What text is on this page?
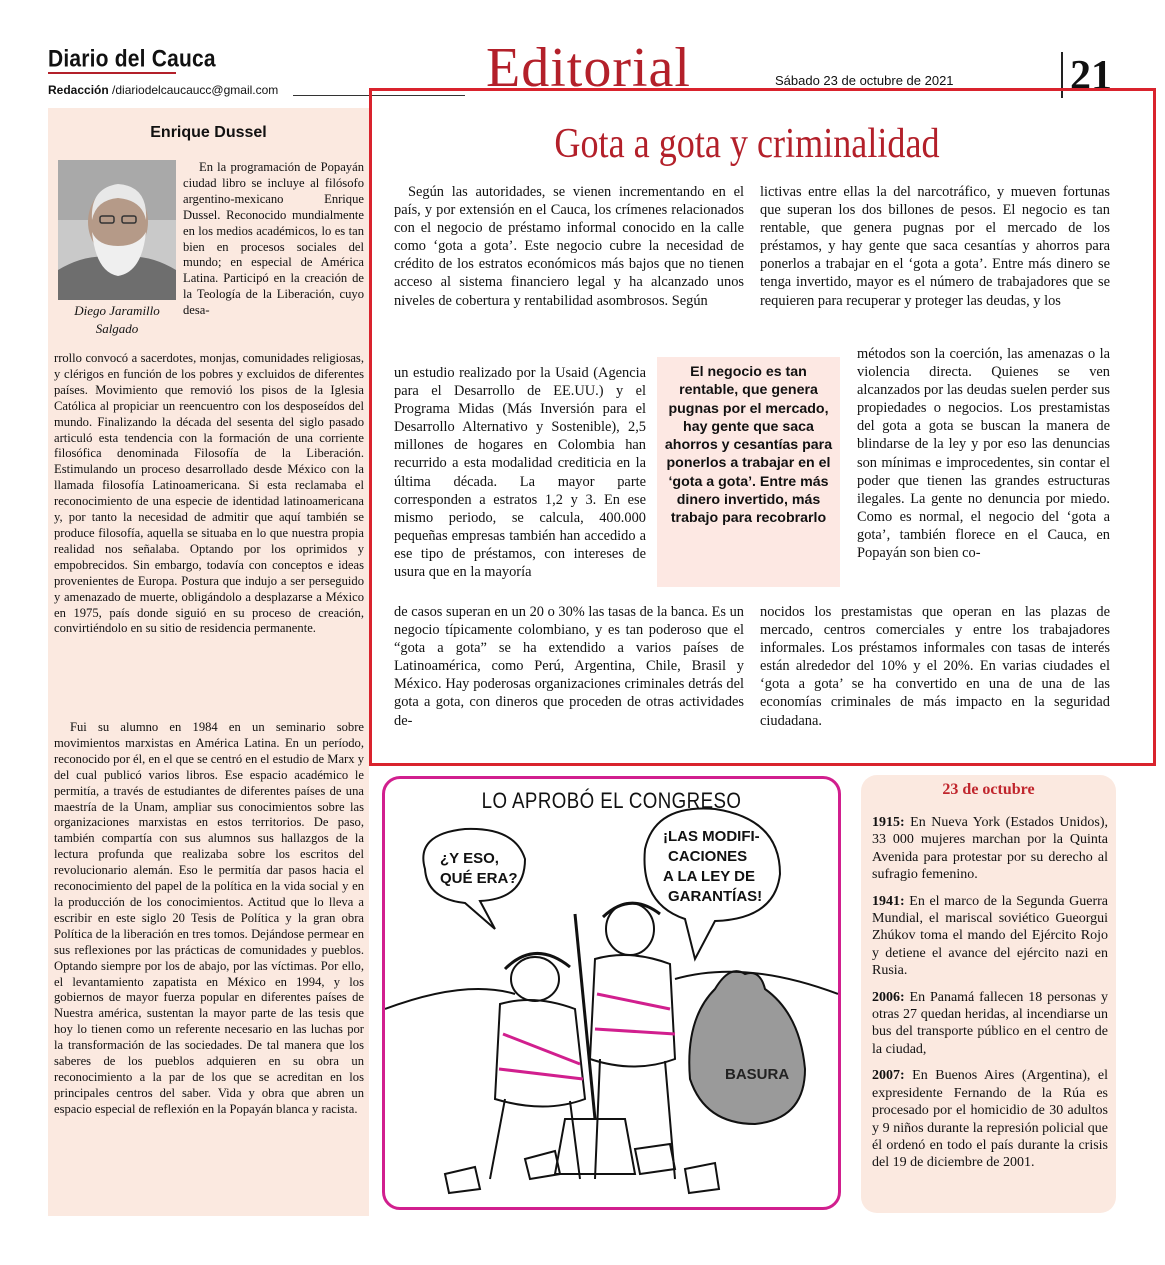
Diario del Cauca
Redacción /diariodelcaucaucc@gmail.com	Editorial	Sábado 23 de octubre de 2021	21
Enrique Dussel
Diego Jaramillo
Salgado

En la programación de Popayán ciudad libro se incluye al filósofo argentino-mexicano Enrique Dussel. Reconocido mundialmente en los medios académicos, lo es tan bien en procesos sociales del mundo; en especial de América Latina. Participó en la creación de la Teología de la Liberación, cuyo desa-

rrollo convocó a sacerdotes, monjas, comunidades religiosas, y clérigos en función de los pobres y excluidos de diferentes países. Movimiento que removió los pisos de la Iglesia Católica al propiciar un reencuentro con los desposeídos del mundo. Finalizando la década del sesenta del siglo pasado articuló esta tendencia con la formación de una corriente filosófica denominada Filosofía de la Liberación. Estimulando un proceso desarrollado desde México con la llamada filosofía Latinoamericana. Si esta reclamaba el reconocimiento de una especie de identidad latinoamericana y, por tanto la necesidad de admitir que aquí también se produce filosofía, aquella se situaba en lo que nuestra propia realidad nos señalaba. Optando por los oprimidos y empobrecidos. Sin embargo, todavía con conceptos e ideas provenientes de Europa. Postura que indujo a ser perseguido y amenazado de muerte, obligándolo a desplazarse a México en 1975, país donde siguió en su proceso de creación, convirtiéndolo en su sitio de residencia permanente.

Fui su alumno en 1984 en un seminario sobre movimientos marxistas en América Latina. En un período, reconocido por él, en el que se centró en el estudio de Marx y del cual publicó varios libros. Ese espacio académico le permitía, a través de estudiantes de diferentes países de una maestría de la Unam, ampliar sus conocimientos sobre las organizaciones marxistas en estos territorios. De paso, también compartía con sus alumnos sus hallazgos de la lectura profunda que realizaba sobre los escritos del revolucionario alemán. Eso le permitía dar pasos hacia el reconocimiento del papel de la política en la vida social y en la producción de los conocimientos. Actitud que lo lleva a escribir en este siglo 20 Tesis de Política y la gran obra Política de la liberación en tres tomos. Dejándose permear en sus reflexiones por las prácticas de comunidades y pueblos. Optando siempre por los de abajo, por las víctimas. Por ello, el levantamiento zapatista en México en 1994, y los gobiernos de mayor fuerza popular en diferentes países de Nuestra américa, sustentan la mayor parte de las tesis que hoy lo tienen como un referente necesario en las luchas por la transformación de las sociedades. De tal manera que los saberes de los pueblos adquieren en su obra un reconocimiento a la par de los que se acreditan en los principales centros del saber. Vida y obra que abren un espacio especial de reflexión en la Popayán blanca y racista.

Gota a gota y criminalidad

Según las autoridades, se vienen incrementando en el país, y por extensión en el Cauca, los crímenes relacionados con el negocio de préstamo informal conocido en la calle como ‘gota a gota’. Este negocio cubre la necesidad de crédito de los estratos económicos más bajos que no tienen acceso al sistema financiero legal y ha alcanzado unos niveles de cobertura y rentabilidad asombrosos. Según

un estudio realizado por la Usaid (Agencia para el Desarrollo de EE.UU.) y el Programa Midas (Más Inversión para el Desarrollo Alternativo y Sostenible), 2,5 millones de hogares en Colombia han recurrido a esta modalidad crediticia en la última década. La mayor parte corresponden a estratos 1,2 y 3. En ese mismo periodo, se calcula, 400.000 pequeñas empresas también han accedido a ese tipo de préstamos, con intereses de usura que en la mayoría

de casos superan en un 20 o 30% las tasas de la banca. Es un negocio típicamente colombiano, y es tan poderoso que el “gota a gota” se ha extendido a varios países de Latinoamérica, como Perú, Argentina, Chile, Brasil y México. Hay poderosas organizaciones criminales detrás del gota a gota, con dineros que proceden de otras actividades de-

lictivas entre ellas la del narcotráfico, y mueven fortunas que superan los dos billones de pesos. El negocio es tan rentable, que genera pugnas por el mercado de los préstamos, y hay gente que saca cesantías y ahorros para ponerlos a trabajar en el ‘gota a gota’. Entre más dinero se tenga invertido, mayor es el número de trabajadores que se requieren para recuperar y proteger las deudas, y los

métodos son la coerción, las amenazas o la violencia directa. Quienes se ven alcanzados por las deudas suelen perder sus propiedades o negocios. Los prestamistas del gota a gota se buscan la manera de blindarse de la ley y por eso las denuncias son mínimas e improcedentes, sin contar el poder que tienen las grandes estructuras ilegales. La gente no denuncia por miedo. Como es normal, el negocio del ‘gota a gota’, también florece en el Cauca, en Popayán son bien co-

nocidos los prestamistas que operan en las plazas de mercado, centros comerciales y entre los trabajadores informales. Los préstamos informales con tasas de interés están alrededor del 10% y el 20%. En varias ciudades el ‘gota a gota’ se ha convertido en una de una de las economías criminales de más impacto en la seguridad ciudadana.

El negocio es tan rentable, que genera pugnas por el mercado, hay gente que saca ahorros y cesantías para ponerlos a trabajar en el ‘gota a gota’. Entre más dinero invertido, más trabajo para recobrarlo
¿Y ESO,
QUÉ ERA?
¡LAS MODIFI-
CACIONES
A LA LEY DE
GARANTÍAS!
BASURA
LO APROBÓ EL CONGRESO	23 de octubre
1915: En Nueva York (Estados Unidos), 33 000 mujeres marchan por la Quinta Avenida para protestar por su derecho al sufragio femenino.
1941: En el marco de la Segunda Guerra Mundial, el mariscal soviético Gueorgui Zhúkov toma el mando del Ejército Rojo y detiene el avance del ejército nazi en Rusia.
2006: En Panamá fallecen 18 personas y otras 27 quedan heridas, al incendiarse un bus del transporte público en el centro de la ciudad,
2007: En Buenos Aires (Argentina), el expresidente Fernando de la Rúa es procesado por el homicidio de 30 adultos y 9 niños durante la represión policial que él ordenó en todo el país durante la crisis del 19 de diciembre de 2001.
